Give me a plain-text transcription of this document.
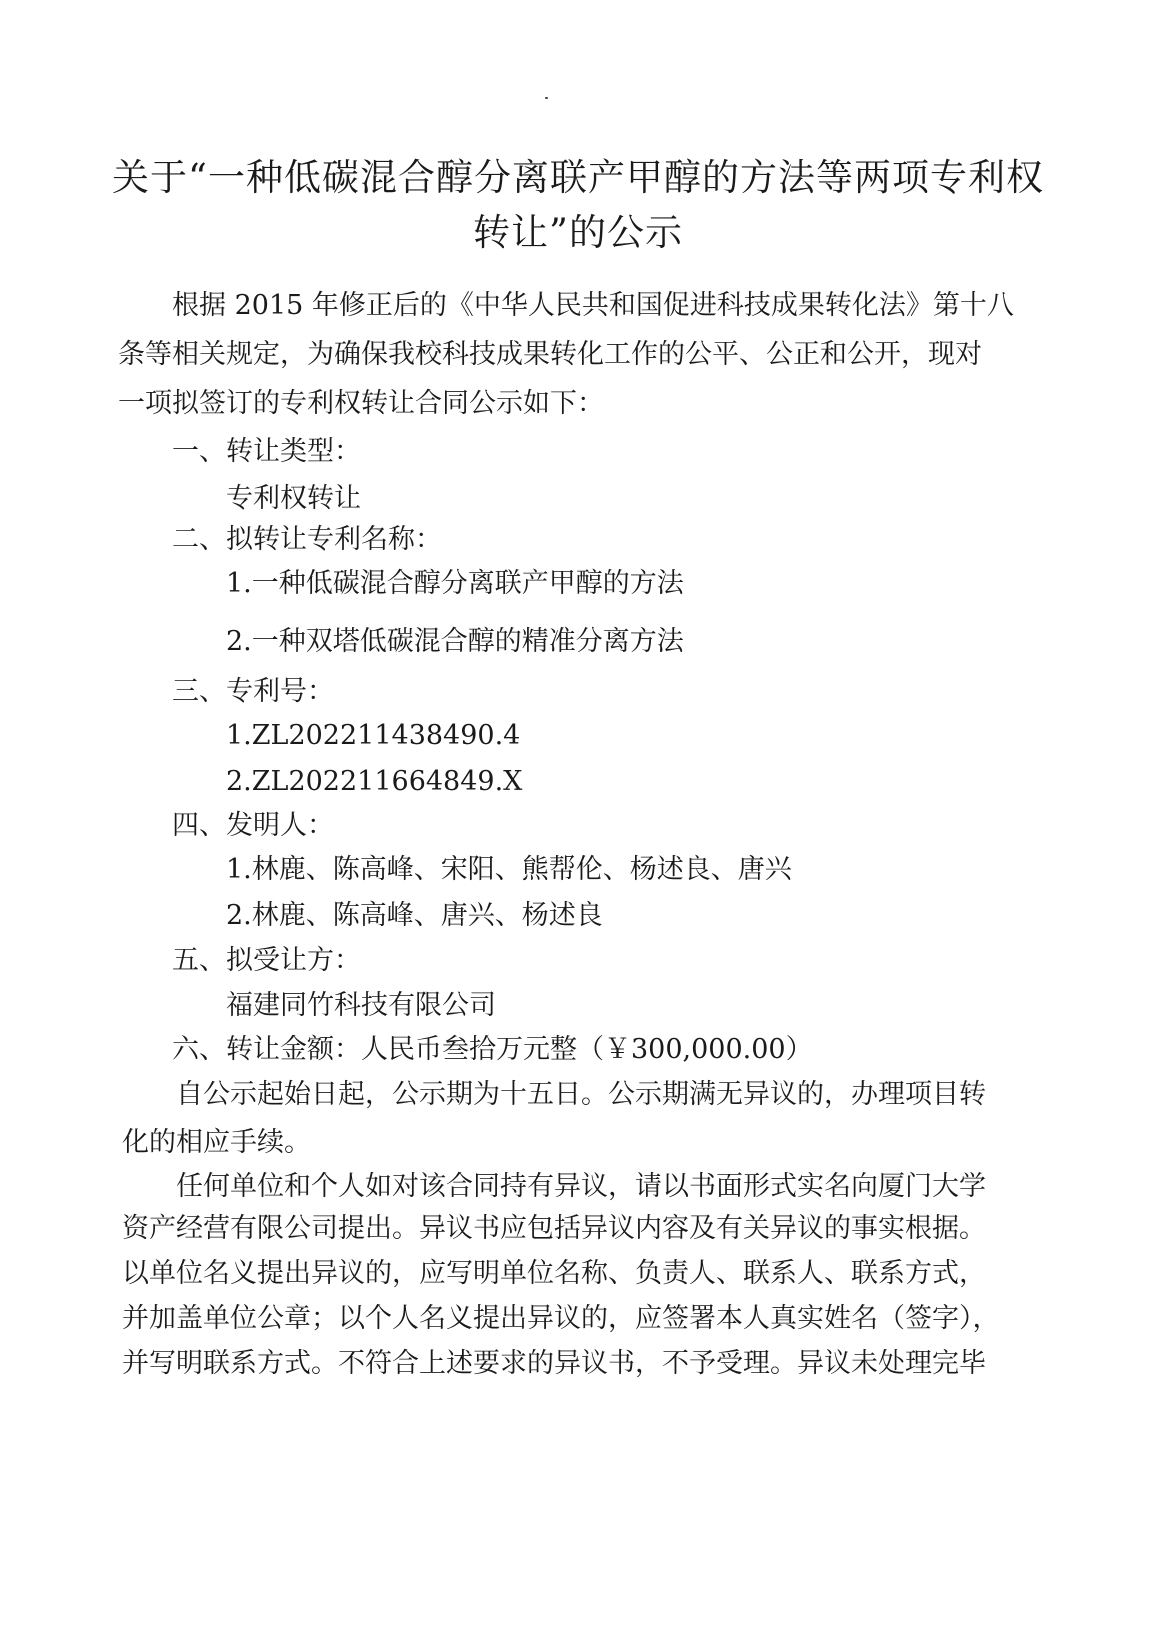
关于“一种低碳混合醇分离联产甲醇的方法等两项专利权
转让”的公示

根据 2015 年修正后的《中华人民共和国促进科技成果转化法》第十八

条等相关规定，为确保我校科技成果转化工作的公平、公正和公开，现对

一项拟签订的专利权转让合同公示如下：

一、转让类型：

专利权转让

二、拟转让专利名称：

1.一种低碳混合醇分离联产甲醇的方法

2.一种双塔低碳混合醇的精准分离方法

三、专利号：

1.ZL202211438490.4

2.ZL202211664849.X

四、发明人：

1.林鹿、陈高峰、宋阳、熊帮伦、杨述良、唐兴

2.林鹿、陈高峰、唐兴、杨述良

五、拟受让方：

福建同竹科技有限公司

六、转让金额：人民币叁拾万元整（￥300,000.00）

自公示起始日起，公示期为十五日。公示期满无异议的，办理项目转

化的相应手续。

任何单位和个人如对该合同持有异议，请以书面形式实名向厦门大学

资产经营有限公司提出。异议书应包括异议内容及有关异议的事实根据。

以单位名义提出异议的，应写明单位名称、负责人、联系人、联系方式，

并加盖单位公章；以个人名义提出异议的，应签署本人真实姓名（签字），

并写明联系方式。不符合上述要求的异议书，不予受理。异议未处理完毕
